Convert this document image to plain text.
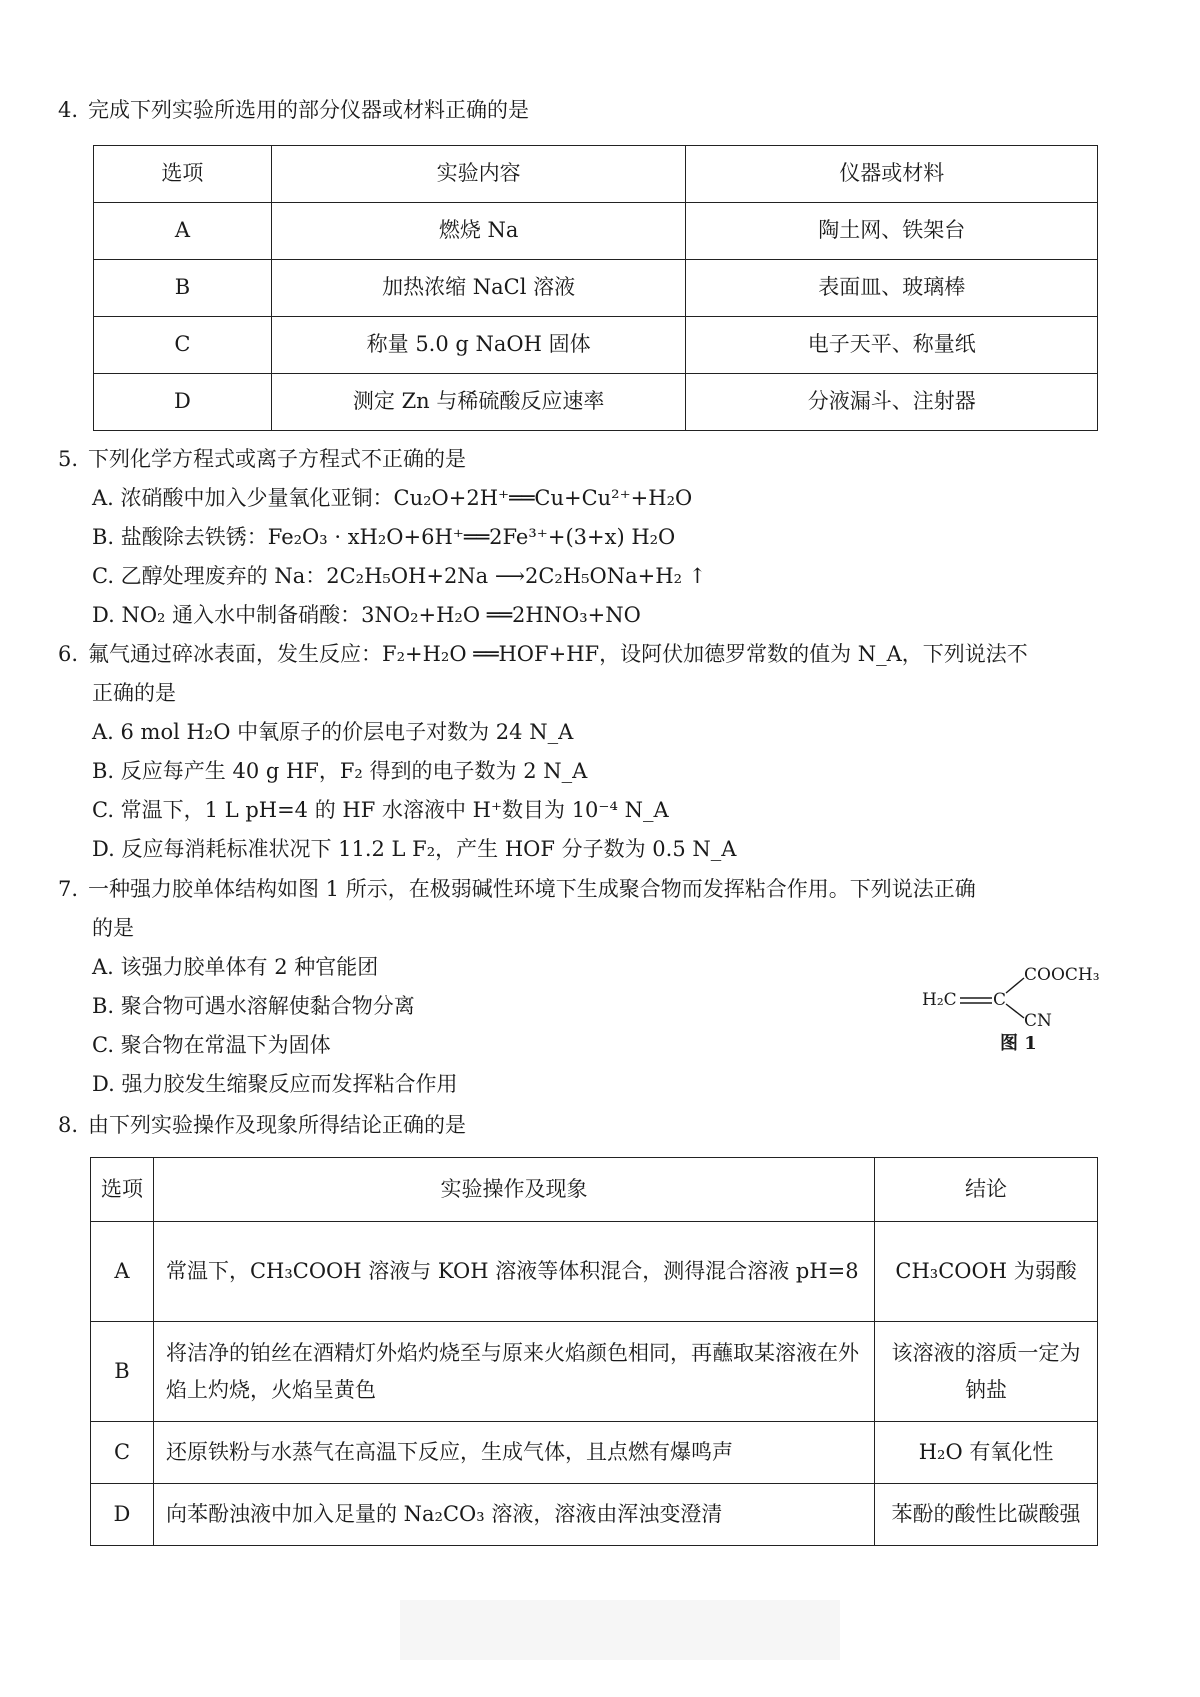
4. 完成下列实验所选用的部分仪器或材料正确的是
选项	实验内容	仪器或材料
A	燃烧 Na	陶土网、铁架台
B	加热浓缩 NaCl 溶液	表面皿、玻璃棒
C	称量 5.0 g NaOH 固体	电子天平、称量纸
D	测定 Zn 与稀硫酸反应速率	分液漏斗、注射器
5. 下列化学方程式或离子方程式不正确的是
A. 浓硝酸中加入少量氧化亚铜：Cu₂O+2H⁺══Cu+Cu²⁺+H₂O
B. 盐酸除去铁锈：Fe₂O₃ · xH₂O+6H⁺══2Fe³⁺+(3+x) H₂O
C. 乙醇处理废弃的 Na：2C₂H₅OH+2Na ⟶2C₂H₅ONa+H₂ ↑
D. NO₂ 通入水中制备硝酸：3NO₂+H₂O ══2HNO₃+NO
6. 氟气通过碎冰表面，发生反应：F₂+H₂O ══HOF+HF，设阿伏加德罗常数的值为 N_A，下列说法不
正确的是
A. 6 mol H₂O 中氧原子的价层电子对数为 24 N_A
B. 反应每产生 40 g HF，F₂ 得到的电子数为 2 N_A
C. 常温下，1 L pH=4 的 HF 水溶液中 H⁺数目为 10⁻⁴ N_A
D. 反应每消耗标准状况下 11.2 L F₂，产生 HOF 分子数为 0.5 N_A
7. 一种强力胶单体结构如图 1 所示，在极弱碱性环境下生成聚合物而发挥粘合作用。下列说法正确
的是
A. 该强力胶单体有 2 种官能团
B. 聚合物可遇水溶解使黏合物分离
C. 聚合物在常温下为固体
D. 强力胶发生缩聚反应而发挥粘合作用
H₂C C
COOCH₃
CN
图 1
8. 由下列实验操作及现象所得结论正确的是
选项	实验操作及现象	结论
A	常温下，CH₃COOH 溶液与 KOH 溶液等体积混合，测得混合溶液 pH=8	CH₃COOH 为弱酸
B	将洁净的铂丝在酒精灯外焰灼烧至与原来火焰颜色相同，再蘸取某溶液在外焰上灼烧，火焰呈黄色	该溶液的溶质一定为钠盐
C	还原铁粉与水蒸气在高温下反应，生成气体，且点燃有爆鸣声	H₂O 有氧化性
D	向苯酚浊液中加入足量的 Na₂CO₃ 溶液，溶液由浑浊变澄清	苯酚的酸性比碳酸强
